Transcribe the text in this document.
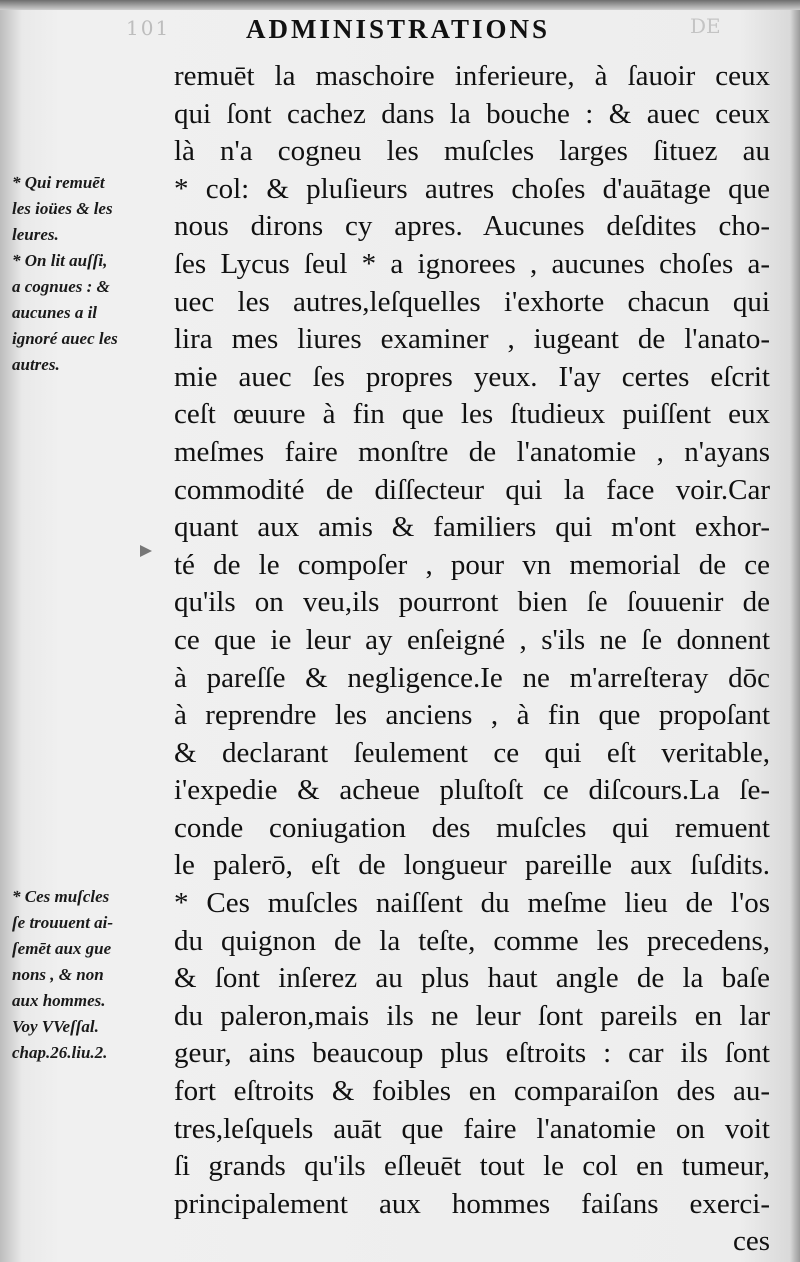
101	DE
ADMINISTRATIONS
* Qui remuēt
les ioües & les
leures.
* On lit auſſi,
a cognues : &
aucunes a il
ignoré auec les
autres.
* Ces muſcles
ſe trouuent ai-
ſemēt aux gue
nons , & non
aux hommes.
Voy VVeſſal.
chap.26.liu.2.
remuēt la maschoire inferieure, à ſauoir ceux
qui ſont cachez dans la bouche : & auec ceux
là n'a cogneu les muſcles larges ſituez au
* col: & pluſieurs autres choſes d'auātage que
nous dirons cy apres. Aucunes deſdites cho-
ſes Lycus ſeul * a ignorees , aucunes choſes a-
uec les autres,leſquelles i'exhorte chacun qui
lira mes liures examiner , iugeant de l'anato-
mie auec ſes propres yeux. I'ay certes eſcrit
ceſt œuure à fin que les ſtudieux puiſſent eux
meſmes faire monſtre de l'anatomie , n'ayans
commodité de diſſecteur qui la face voir.Car
quant aux amis & familiers qui m'ont exhor-
té de le compoſer , pour vn memorial de ce
qu'ils on veu,ils pourront bien ſe ſouuenir de
ce que ie leur ay enſeigné , s'ils ne ſe donnent
à pareſſe & negligence.Ie ne m'arreſteray dōc
à reprendre les anciens , à fin que propoſant
& declarant ſeulement ce qui eſt veritable,
i'expedie & acheue pluſtoſt ce diſcours.La ſe-
conde coniugation des muſcles qui remuent
le palerō, eſt de longueur pareille aux ſuſdits.
* Ces muſcles naiſſent du meſme lieu de l'os
du quignon de la teſte, comme les precedens,
& ſont inſerez au plus haut angle de la baſe
du paleron,mais ils ne leur ſont pareils en lar
geur, ains beaucoup plus eſtroits : car ils ſont
fort eſtroits & foibles en comparaiſon des au-
tres,leſquels auāt que faire l'anatomie on voit
ſi grands qu'ils eſleuēt tout le col en tumeur,
principalement aux hommes faiſans exerci-
ces
